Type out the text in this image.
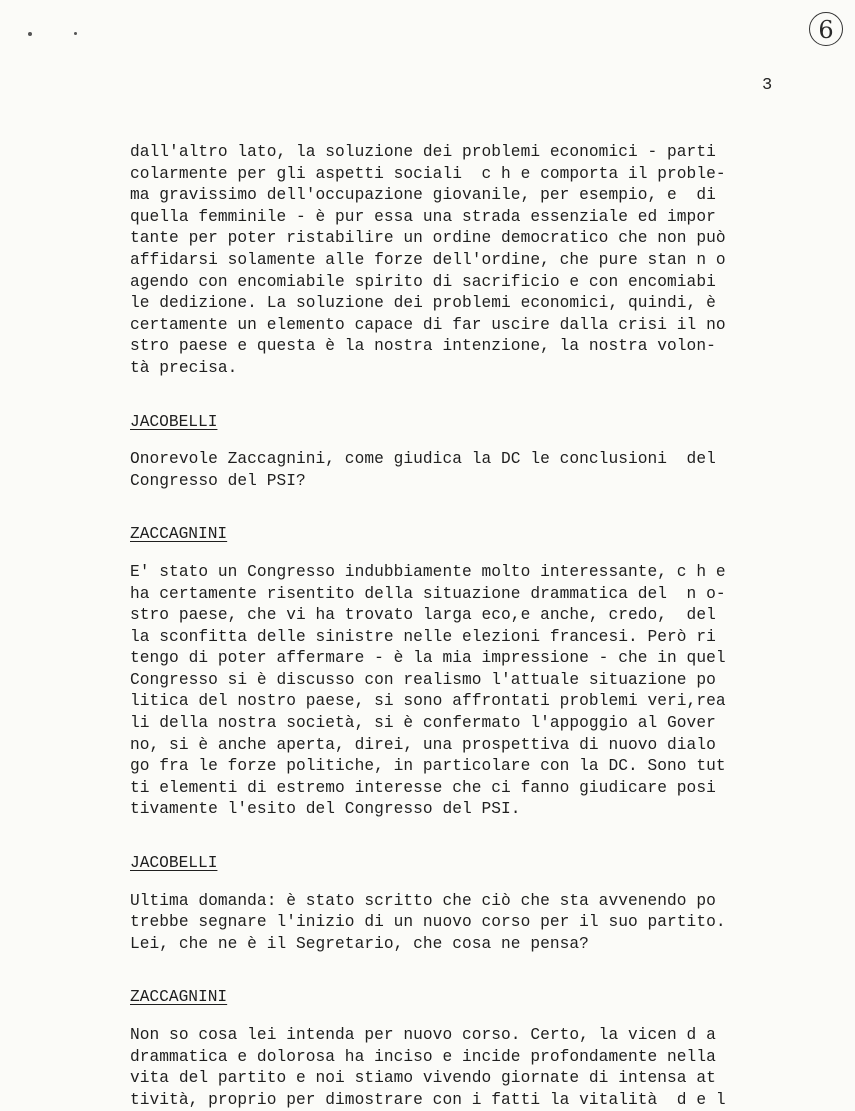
6
3
dall'altro lato, la soluzione dei problemi economici - parti
colarmente per gli aspetti sociali  c h e comporta il proble-
ma gravissimo dell'occupazione giovanile, per esempio, e  di
quella femminile - è pur essa una strada essenziale ed impor
tante per poter ristabilire un ordine democratico che non può
affidarsi solamente alle forze dell'ordine, che pure stan n o
agendo con encomiabile spirito di sacrificio e con encomiabi
le dedizione. La soluzione dei problemi economici, quindi, è
certamente un elemento capace di far uscire dalla crisi il no
stro paese e questa è la nostra intenzione, la nostra volon-
tà precisa.
JACOBELLI
Onorevole Zaccagnini, come giudica la DC le conclusioni  del
Congresso del PSI?
ZACCAGNINI
E' stato un Congresso indubbiamente molto interessante, c h e
ha certamente risentito della situazione drammatica del  n o-
stro paese, che vi ha trovato larga eco,e anche, credo,  del
la sconfitta delle sinistre nelle elezioni francesi. Però ri
tengo di poter affermare - è la mia impressione - che in quel
Congresso si è discusso con realismo l'attuale situazione po
litica del nostro paese, si sono affrontati problemi veri,rea
li della nostra società, si è confermato l'appoggio al Gover
no, si è anche aperta, direi, una prospettiva di nuovo dialo
go fra le forze politiche, in particolare con la DC. Sono tut
ti elementi di estremo interesse che ci fanno giudicare posi
tivamente l'esito del Congresso del PSI.
JACOBELLI
Ultima domanda: è stato scritto che ciò che sta avvenendo po
trebbe segnare l'inizio di un nuovo corso per il suo partito.
Lei, che ne è il Segretario, che cosa ne pensa?
ZACCAGNINI
Non so cosa lei intenda per nuovo corso. Certo, la vicen d a
drammatica e dolorosa ha inciso e incide profondamente nella
vita del partito e noi stiamo vivendo giornate di intensa at
tività, proprio per dimostrare con i fatti la vitalità  d e l
